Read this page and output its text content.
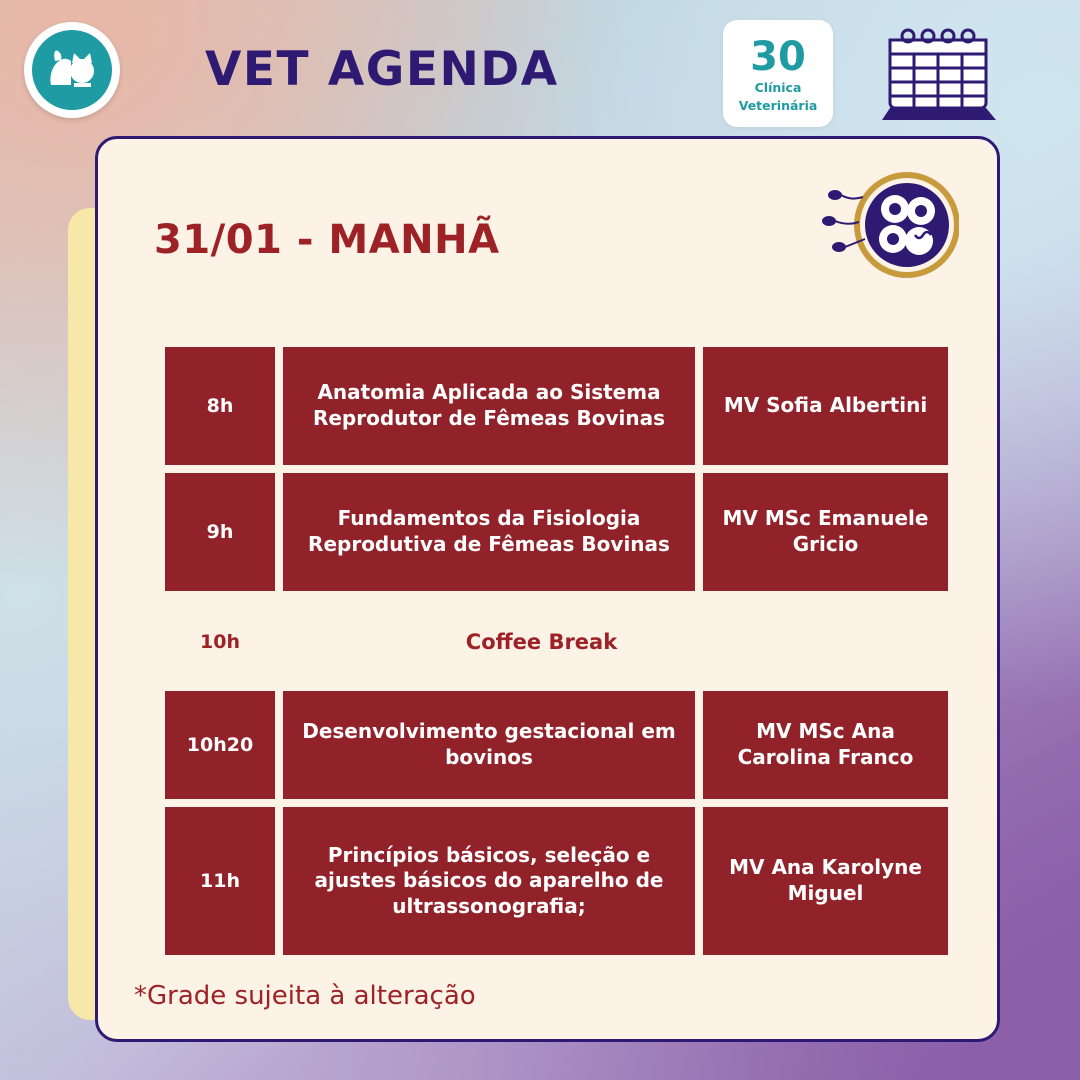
VET AGENDA	30
Clínica
Veterinária
31/01 - MANHÃ
8h
Anatomia Aplicada ao Sistema Reprodutor de Fêmeas Bovinas
MV Sofia Albertini
9h
Fundamentos da Fisiologia Reprodutiva de Fêmeas Bovinas
MV MSc Emanuele Gricio
10h	Coffee Break
10h20
Desenvolvimento gestacional em bovinos
MV MSc Ana Carolina Franco
11h
Princípios básicos, seleção e ajustes básicos do aparelho de ultrassonografia;
MV Ana Karolyne Miguel
*Grade sujeita à alteração
